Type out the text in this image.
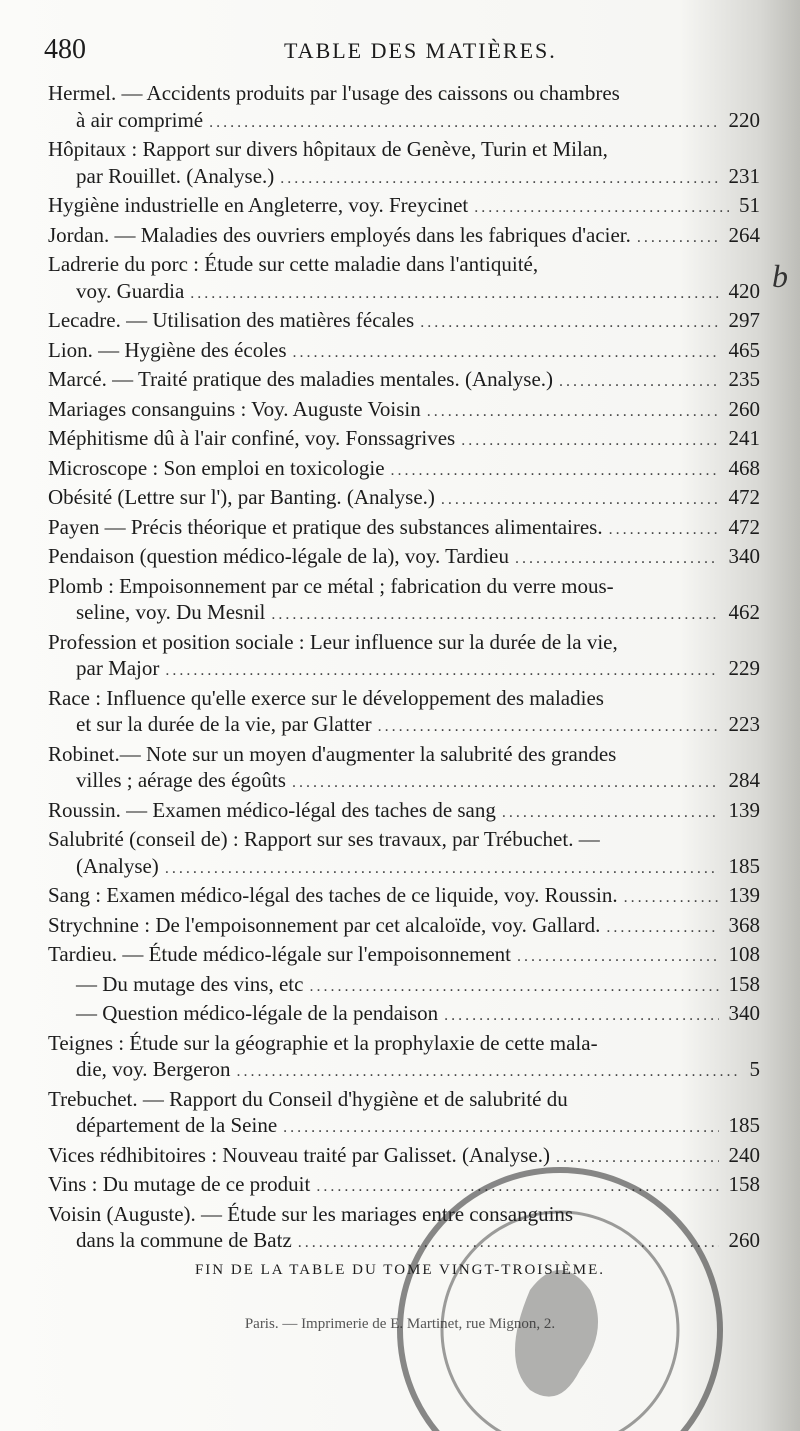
480	TABLE DES MATIÈRES.
Hermel. — Accidents produits par l'usage des caissons ou chambres
à air comprimé .....	220
Hôpitaux : Rapport sur divers hôpitaux de Genève, Turin et Milan,
par Rouillet. (Analyse.) .....	231
Hygiène industrielle en Angleterre, voy. Freycinet .....	51
Jordan. — Maladies des ouvriers employés dans les fabriques d'acier. .....	264
Ladrerie du porc : Étude sur cette maladie dans l'antiquité,
voy. Guardia .....	420
Lecadre. — Utilisation des matières fécales .....	297
Lion. — Hygiène des écoles .....	465
Marcé. — Traité pratique des maladies mentales. (Analyse.) .....	235
Mariages consanguins : Voy. Auguste Voisin .....	260
Méphitisme dû à l'air confiné, voy. Fonssagrives .....	241
Microscope : Son emploi en toxicologie .....	468
Obésité (Lettre sur l'), par Banting. (Analyse.) .....	472
Payen — Précis théorique et pratique des substances alimentaires. .....	472
Pendaison (question médico-légale de la), voy. Tardieu .....	340
Plomb : Empoisonnement par ce métal ; fabrication du verre mous-
seline, voy. Du Mesnil .....	462
Profession et position sociale : Leur influence sur la durée de la vie,
par Major .....	229
Race : Influence qu'elle exerce sur le développement des maladies
et sur la durée de la vie, par Glatter .....	223
Robinet.— Note sur un moyen d'augmenter la salubrité des grandes
villes ; aérage des égoûts .....	284
Roussin. — Examen médico-légal des taches de sang .....	139
Salubrité (conseil de) : Rapport sur ses travaux, par Trébuchet. —
(Analyse) .....	185
Sang : Examen médico-légal des taches de ce liquide, voy. Roussin. .....	139
Strychnine : De l'empoisonnement par cet alcaloïde, voy. Gallard. .....	368
Tardieu. — Étude médico-légale sur l'empoisonnement .....	108
— Du mutage des vins, etc .....	158
— Question médico-légale de la pendaison .....	340
Teignes : Étude sur la géographie et la prophylaxie de cette mala-
die, voy. Bergeron .....	5
Trebuchet. — Rapport du Conseil d'hygiène et de salubrité du
département de la Seine .....	185
Vices rédhibitoires : Nouveau traité par Galisset. (Analyse.) .....	240
Vins : Du mutage de ce produit .....	158
Voisin (Auguste). — Étude sur les mariages entre consanguins
dans la commune de Batz .....	260
b
FIN DE LA TABLE DU TOME VINGT-TROISIÈME.
Paris. — Imprimerie de E. Martinet, rue Mignon, 2.
